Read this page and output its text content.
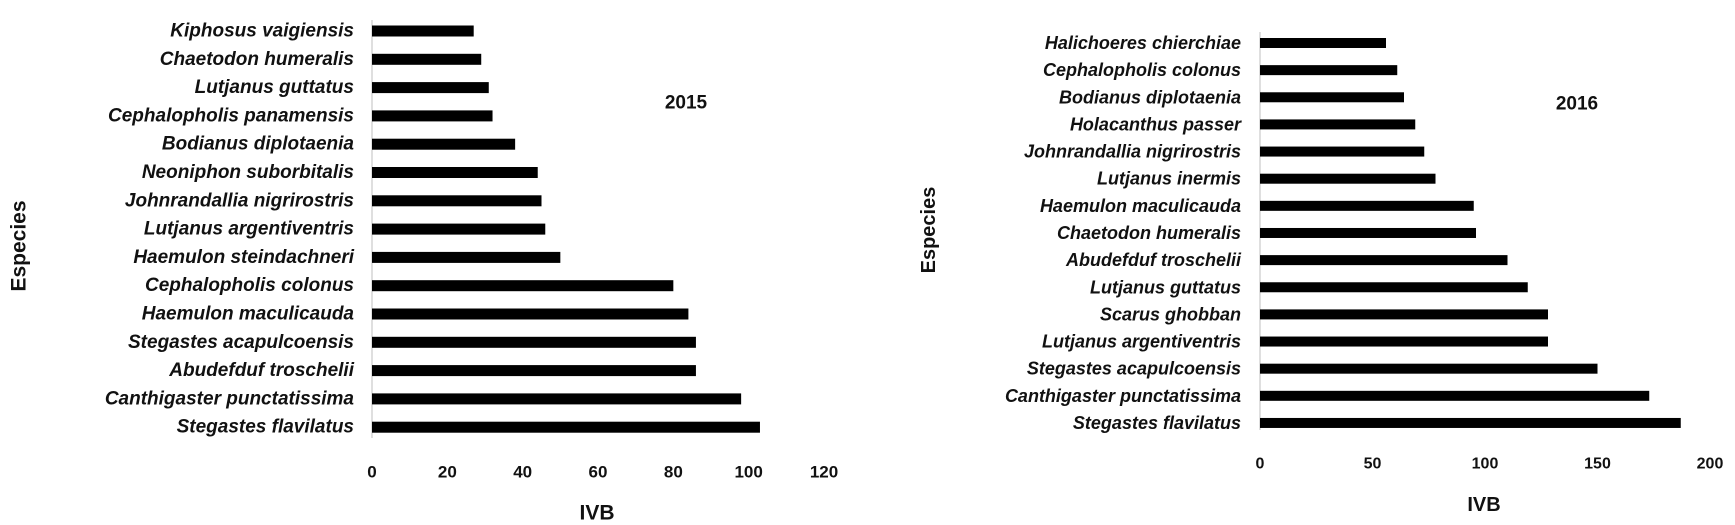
Kiphosus vaigiensis
Chaetodon humeralis
Lutjanus guttatus
Cephalopholis panamensis
Bodianus diplotaenia
Neoniphon suborbitalis
Johnrandallia nigrirostris
Lutjanus argentiventris
Haemulon steindachneri
Cephalopholis colonus
Haemulon maculicauda
Stegastes acapulcoensis
Abudefduf troschelii
Canthigaster punctatissima
Stegastes flavilatus
0	20	40	60	80	100	120
IVB
Especies
2015
Halichoeres chierchiae
Cephalopholis colonus
Bodianus diplotaenia
Holacanthus passer
Johnrandallia nigrirostris
Lutjanus inermis
Haemulon maculicauda
Chaetodon humeralis
Abudefduf troschelii
Lutjanus guttatus
Scarus ghobban
Lutjanus argentiventris
Stegastes acapulcoensis
Canthigaster punctatissima
Stegastes flavilatus
0	50	100	150	200
IVB
Especies
2016
